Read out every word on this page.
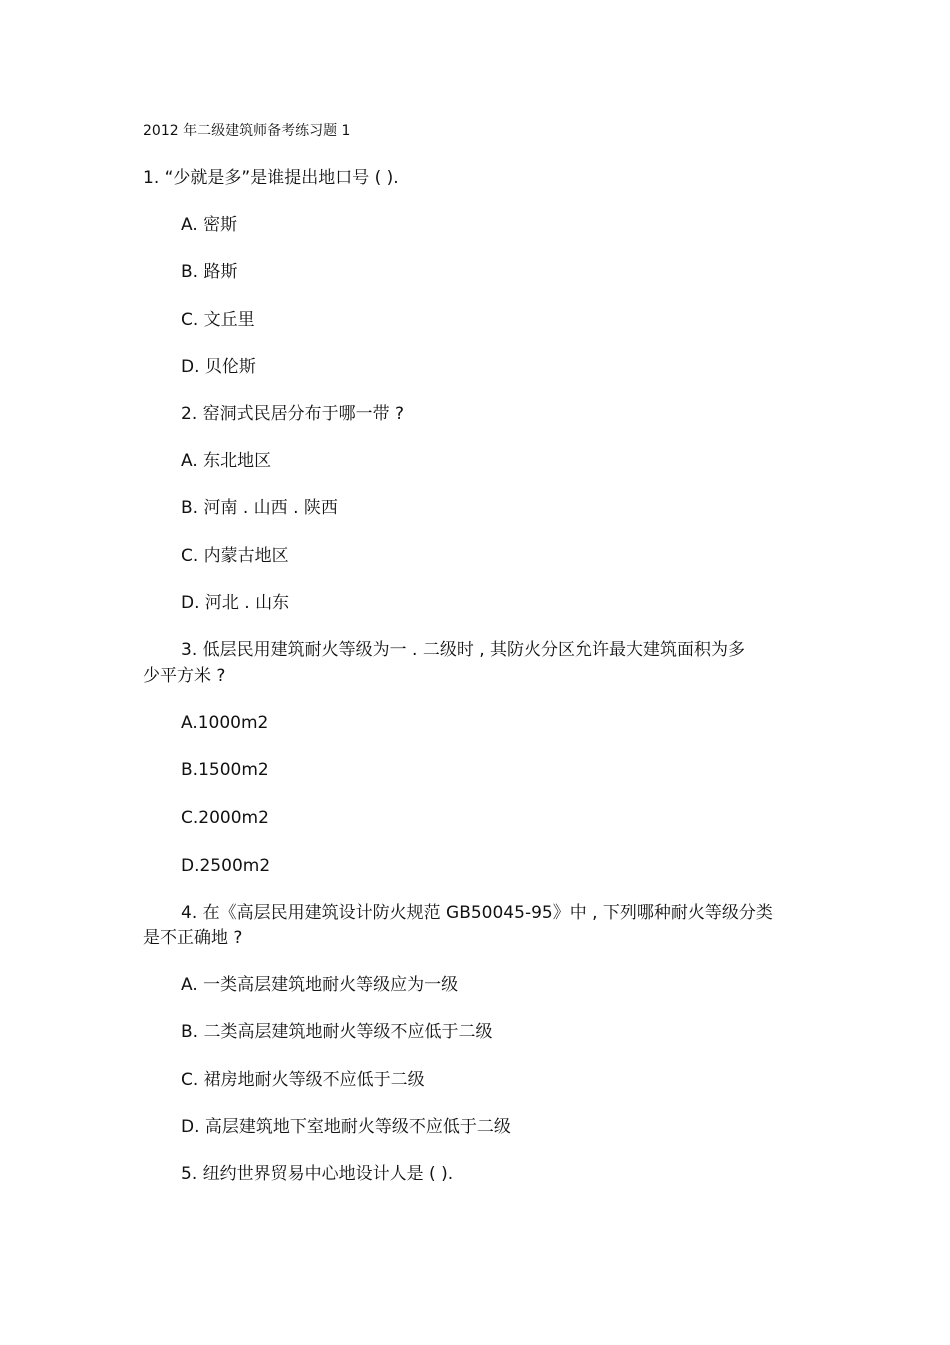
2012 年二级建筑师备考练习题 1
1. “少就是多”是谁提出地口号 ( ).
A. 密斯
B. 路斯
C. 文丘里
D. 贝伦斯
2. 窑洞式民居分布于哪一带 ?
A. 东北地区
B. 河南 . 山西 . 陕西
C. 内蒙古地区
D. 河北 . 山东
3. 低层民用建筑耐火等级为一 . 二级时 , 其防火分区允许最大建筑面积为多
少平方米 ?
A.1000m2
B.1500m2
C.2000m2
D.2500m2
4. 在《高层民用建筑设计防火规范 GB50045-95》中 , 下列哪种耐火等级分类
是不正确地 ?
A. 一类高层建筑地耐火等级应为一级
B. 二类高层建筑地耐火等级不应低于二级
C. 裙房地耐火等级不应低于二级
D. 高层建筑地下室地耐火等级不应低于二级
5. 纽约世界贸易中心地设计人是 ( ).
